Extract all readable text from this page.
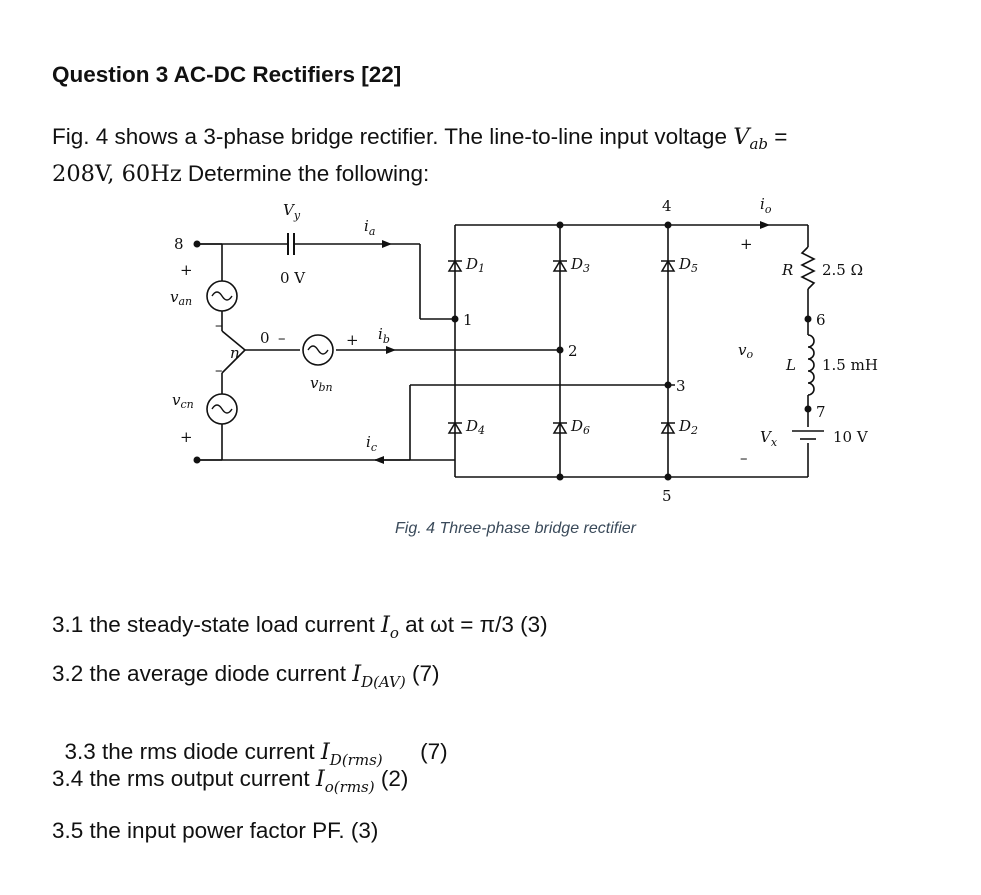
Question 3 AC-DC Rectifiers [22]
Fig. 4 shows a 3-phase bridge rectifier. The line-to-line input voltage $V_{ab}$ =
208V, 60Hz Determine the following:
8
+
$v_{an}$
–
n
0 –
–
$v_{cn}$
+
$V_y$
0 V
$i_a$
+ $i_b$
$v_{bn}$
$i_c$
$D_1$	$D_3$	$D_5$
$D_4$	$D_6$	$D_2$
1
2
3
4
5
$i_o$
+
$v_o$
–
R 2.5 Ω
6
L 1.5 mH
7
$V_x$	10 V
Fig. 4 Three-phase bridge rectifier
3.1 the steady-state load current $I_o$ at ωt = π/3 (3)
3.2 the average diode current $I_{D(AV)}$ (7)

3.3 the rms diode current $I_{D(rms)}$      (7)

3.4 the rms output current $I_{o(rms)}$ (2)
3.5 the input power factor PF. (3)
